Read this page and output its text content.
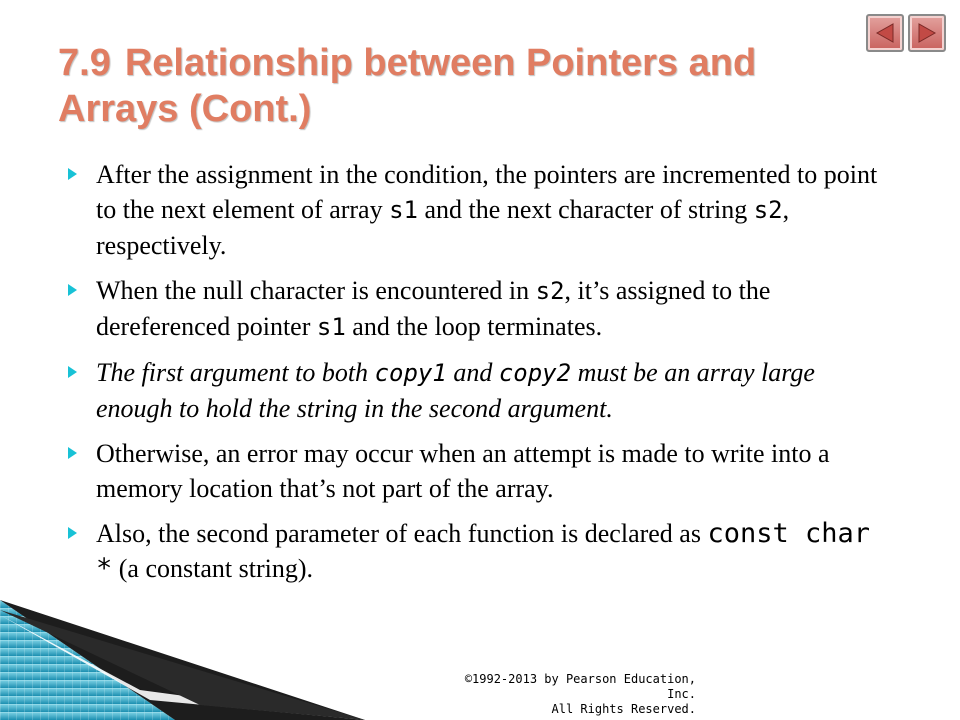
7.9 Relationship between Pointers and Arrays (Cont.)
After the assignment in the condition, the pointers are incremented to point to the next element of array s1 and the next character of string s2, respectively.
When the null character is encountered in s2, it’s assigned to the dereferenced pointer s1 and the loop terminates.
The first argument to both copy1 and copy2 must be an array large enough to hold the string in the second argument.
Otherwise, an error may occur when an attempt is made to write into a memory location that’s not part of the array.
Also, the second parameter of each function is declared as const char * (a constant string).
©1992-2013 by Pearson Education, Inc.
All Rights Reserved.
